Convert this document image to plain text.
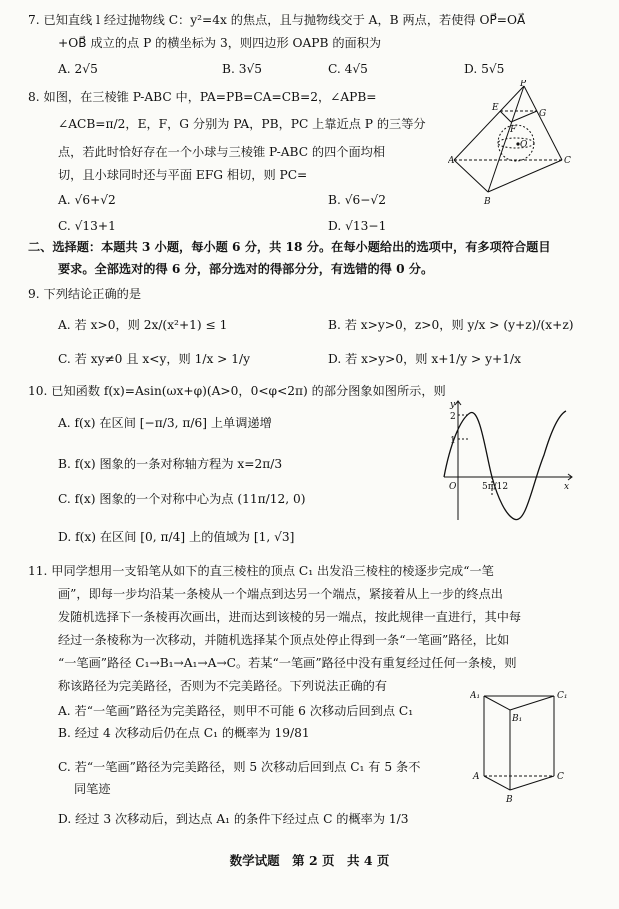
7. 已知直线 l 经过抛物线 C：y²=4x 的焦点，且与抛物线交于 A，B 两点，若使得 OP⃗=OA⃗
+OB⃗ 成立的点 P 的横坐标为 3，则四边形 OAPB 的面积为
A. 2√5	B. 3√5	C. 4√5	D. 5√5
8. 如图，在三棱锥 P-ABC 中，PA=PB=CA=CB=2，∠APB=
∠ACB=π/2，E，F，G 分别为 PA，PB，PC 上靠近点 P 的三等分
点，若此时恰好存在一个小球与三棱锥 P-ABC 的四个面均相
切，且小球同时还与平面 EFG 相切，则 PC=
A. √6+√2	B. √6−√2
C. √13+1	D. √13−1
P
E
G
F
O
A	C
B
二、选择题：本题共 3 小题，每小题 6 分，共 18 分。在每小题给出的选项中，有多项符合题目
要求。全部选对的得 6 分，部分选对的得部分分，有选错的得 0 分。
9. 下列结论正确的是
A. 若 x>0，则 2x/(x²+1) ≤ 1	B. 若 x>y>0，z>0，则 y/x > (y+z)/(x+z)
C. 若 xy≠0 且 x<y，则 1/x > 1/y	D. 若 x>y>0，则 x+1/y > y+1/x
10. 已知函数 f(x)=Asin(ωx+φ)(A>0，0<φ<2π) 的部分图象如图所示，则
A. f(x) 在区间 [−π/3, π/6] 上单调递增
B. f(x) 图象的一条对称轴方程为 x=2π/3
C. f(x) 图象的一个对称中心为点 (11π/12, 0)
D. f(x) 在区间 [0, π/4] 上的值域为 [1, √3]
y
2
1
O	5π/12	x
11. 甲同学想用一支铅笔从如下的直三棱柱的顶点 C₁ 出发沿三棱柱的棱逐步完成“一笔
画”，即每一步均沿某一条棱从一个端点到达另一个端点，紧接着从上一步的终点出
发随机选择下一条棱再次画出，进而达到该棱的另一端点，按此规律一直进行，其中每
经过一条棱称为一次移动，并随机选择某个顶点处停止得到一条“一笔画”路径，比如
“一笔画”路径 C₁→B₁→A₁→A→C。若某“一笔画”路径中没有重复经过任何一条棱，则
称该路径为完美路径，否则为不完美路径。下列说法正确的有
A. 若“一笔画”路径为完美路径，则甲不可能 6 次移动后回到点 C₁
B. 经过 4 次移动后仍在点 C₁ 的概率为 19/81
C. 若“一笔画”路径为完美路径，则 5 次移动后回到点 C₁ 有 5 条不
同笔迹
D. 经过 3 次移动后，到达点 A₁ 的条件下经过点 C 的概率为 1/3
A₁
B₁
C₁
A
B
C
数学试题　第 2 页　共 4 页
